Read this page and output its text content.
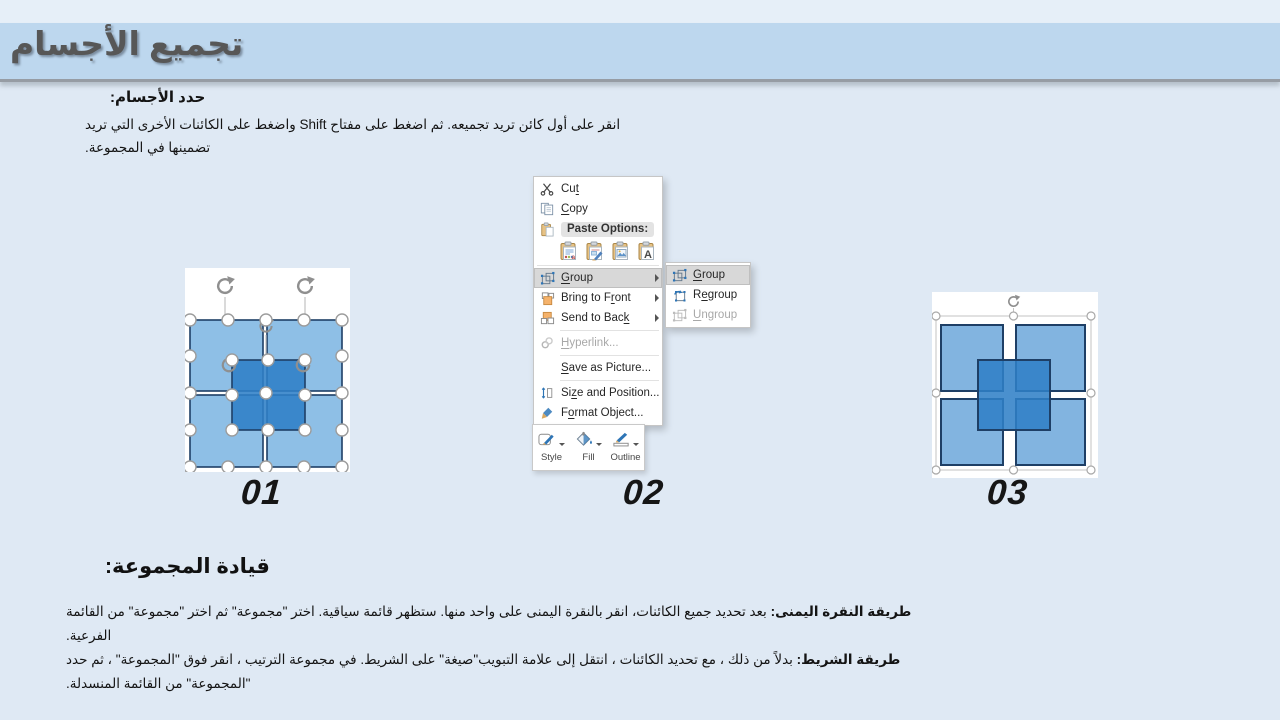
تجميع الأجسام
حدد الأجسام:
انقر على أول كائن تريد تجميعه. ثم اضغط على مفتاح Shift واضغط على الكائنات الأخرى التي تريد
تضمينها في المجموعة.
Cut
Copy
Paste Options:
a	A
Group
Bring to Front
Send to Back
Hyperlink...
Save as Picture...
Size and Position...
Format Object...
Group
Regroup
Ungroup
Style Fill Outline
01	02	03
قيادة المجموعة:
طريقة النقرة اليمنى: بعد تحديد جميع الكائنات، انقر بالنقرة اليمنى على واحد منها. ستظهر قائمة سياقية. اختر "مجموعة" ثم اختر "مجموعة" من القائمة
الفرعية.
طريقة الشريط: بدلاً من ذلك ، مع تحديد الكائنات ، انتقل إلى علامة التبويب"صيغة" على الشريط. في مجموعة الترتيب ، انقر فوق "المجموعة" ، ثم حدد
"المجموعة" من القائمة المنسدلة.
